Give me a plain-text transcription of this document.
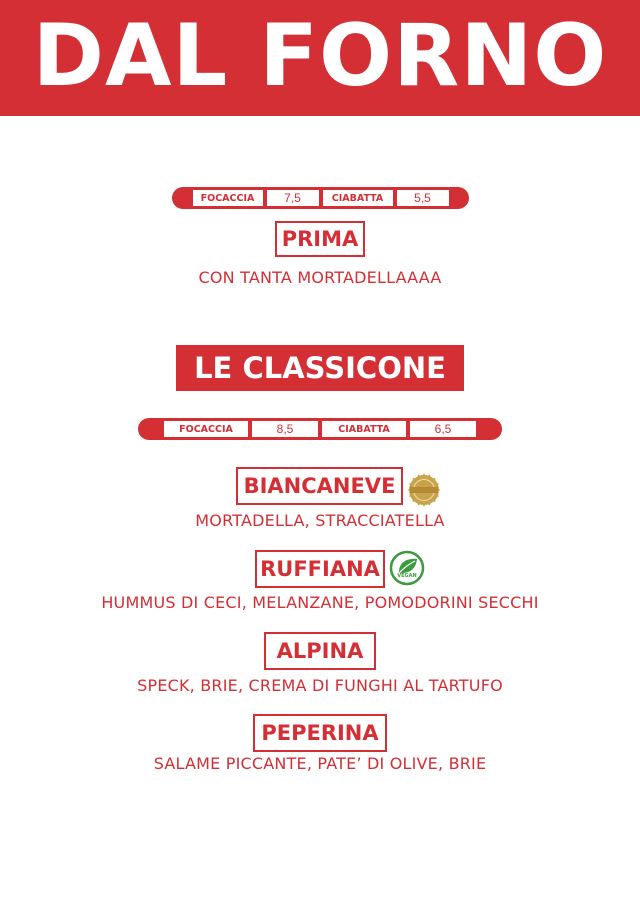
DAL FORNO
FOCACCIA	7,5	CIABATTA	5,5
PRIMA
CON TANTA MORTADELLAAAA
LE CLASSICONE
FOCACCIA	8,5	CIABATTA	6,5
BIANCANEVE
MORTADELLA, STRACCIATELLA
RUFFIANA	VEGAN
HUMMUS DI CECI, MELANZANE, POMODORINI SECCHI
ALPINA
SPECK, BRIE, CREMA DI FUNGHI AL TARTUFO
PEPERINA
SALAME PICCANTE, PATE’ DI OLIVE, BRIE
